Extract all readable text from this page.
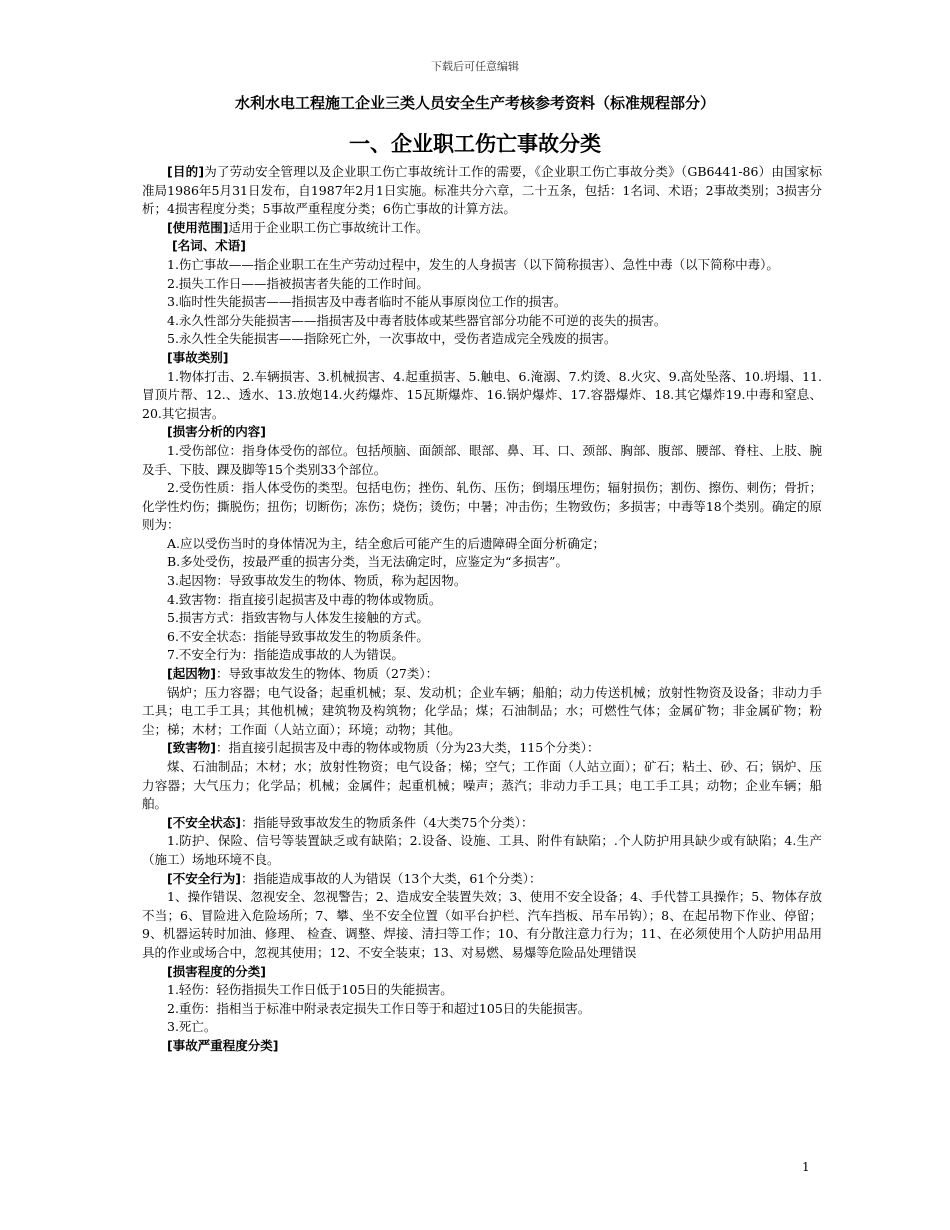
下载后可任意编辑
水利水电工程施工企业三类人员安全生产考核参考资料（标准规程部分）
一、企业职工伤亡事故分类

[目的]为了劳动安全管理以及企业职工伤亡事故统计工作的需要，《企业职工伤亡事故分类》（GB6441-86）由国家标准局1986年5月31日发布，自1987年2月1日实施。标准共分六章，二十五条，包括：1名词、术语；2事故类别；3损害分析；4损害程度分类；5事故严重程度分类；6伤亡事故的计算方法。

[使用范围]适用于企业职工伤亡事故统计工作。

[名词、术语]

1.伤亡事故——指企业职工在生产劳动过程中，发生的人身损害（以下简称损害）、急性中毒（以下简称中毒）。

2.损失工作日——指被损害者失能的工作时间。

3.临时性失能损害——指损害及中毒者临时不能从事原岗位工作的损害。

4.永久性部分失能损害——指损害及中毒者肢体或某些器官部分功能不可逆的丧失的损害。

5.永久性全失能损害——指除死亡外，一次事故中，受伤者造成完全残废的损害。

[事故类别]

1.物体打击、2.车辆损害、3.机械损害、4.起重损害、5.触电、6.淹溺、7.灼烫、8.火灾、9.高处坠落、10.坍塌、11.冒顶片帮、12.、透水、13.放炮14.火药爆炸、15瓦斯爆炸、16.锅炉爆炸、17.容器爆炸、18.其它爆炸19.中毒和窒息、20.其它损害。

[损害分析的内容]

1.受伤部位：指身体受伤的部位。包括颅脑、面颌部、眼部、鼻、耳、口、颈部、胸部、腹部、腰部、脊柱、上肢、腕及手、下肢、踝及脚等15个类别33个部位。

2.受伤性质：指人体受伤的类型。包括电伤；挫伤、轧伤、压伤；倒塌压埋伤；辐射损伤；割伤、擦伤、刺伤；骨折；化学性灼伤；撕脱伤；扭伤；切断伤；冻伤；烧伤；烫伤；中暑；冲击伤；生物致伤；多损害；中毒等18个类别。确定的原则为：

A.应以受伤当时的身体情况为主，结全愈后可能产生的后遗障碍全面分析确定；

B.多处受伤，按最严重的损害分类，当无法确定时，应鉴定为“多损害”。

3.起因物：导致事故发生的物体、物质，称为起因物。

4.致害物：指直接引起损害及中毒的物体或物质。

5.损害方式：指致害物与人体发生接触的方式。

6.不安全状态：指能导致事故发生的物质条件。

7.不安全行为：指能造成事故的人为错误。

[起因物]：导致事故发生的物体、物质（27类）：

锅炉；压力容器；电气设备；起重机械；泵、发动机；企业车辆；船舶；动力传送机械；放射性物资及设备；非动力手工具；电工手工具；其他机械；建筑物及构筑物；化学品；煤；石油制品；水；可燃性气体；金属矿物；非金属矿物；粉尘；梯；木材；工作面（人站立面）；环境；动物；其他。

[致害物]：指直接引起损害及中毒的物体或物质（分为23大类，115个分类）：

煤、石油制品；木材；水；放射性物资；电气设备；梯；空气；工作面（人站立面）；矿石；粘土、砂、石；锅炉、压力容器；大气压力；化学品；机械；金属件；起重机械；噪声；蒸汽；非动力手工具；电工手工具；动物；企业车辆；船舶。

[不安全状态]：指能导致事故发生的物质条件（4大类75个分类）：

1.防护、保险、信号等装置缺乏或有缺陷；2.设备、设施、工具、附件有缺陷；.个人防护用具缺少或有缺陷；4.生产（施工）场地环境不良。

[不安全行为]：指能造成事故的人为错误（13个大类，61个分类）：

1、操作错误、忽视安全、忽视警告；2、造成安全装置失效；3、使用不安全设备；4、手代替工具操作；5、物体存放不当；6、冒险进入危险场所；7、攀、坐不安全位置（如平台护栏、汽车挡板、吊车吊钩）；8、在起吊物下作业、停留；9、机器运转时加油、修理、 检查、调整、焊接、清扫等工作；10、有分散注意力行为；11、在必须使用个人防护用品用具的作业或场合中，忽视其使用；12、不安全装束；13、对易燃、易爆等危险品处理错误

[损害程度的分类]

1.轻伤：轻伤指损失工作日低于105日的失能损害。

2.重伤：指相当于标准中附录表定损失工作日等于和超过105日的失能损害。

3.死亡。

[事故严重程度分类]

1
